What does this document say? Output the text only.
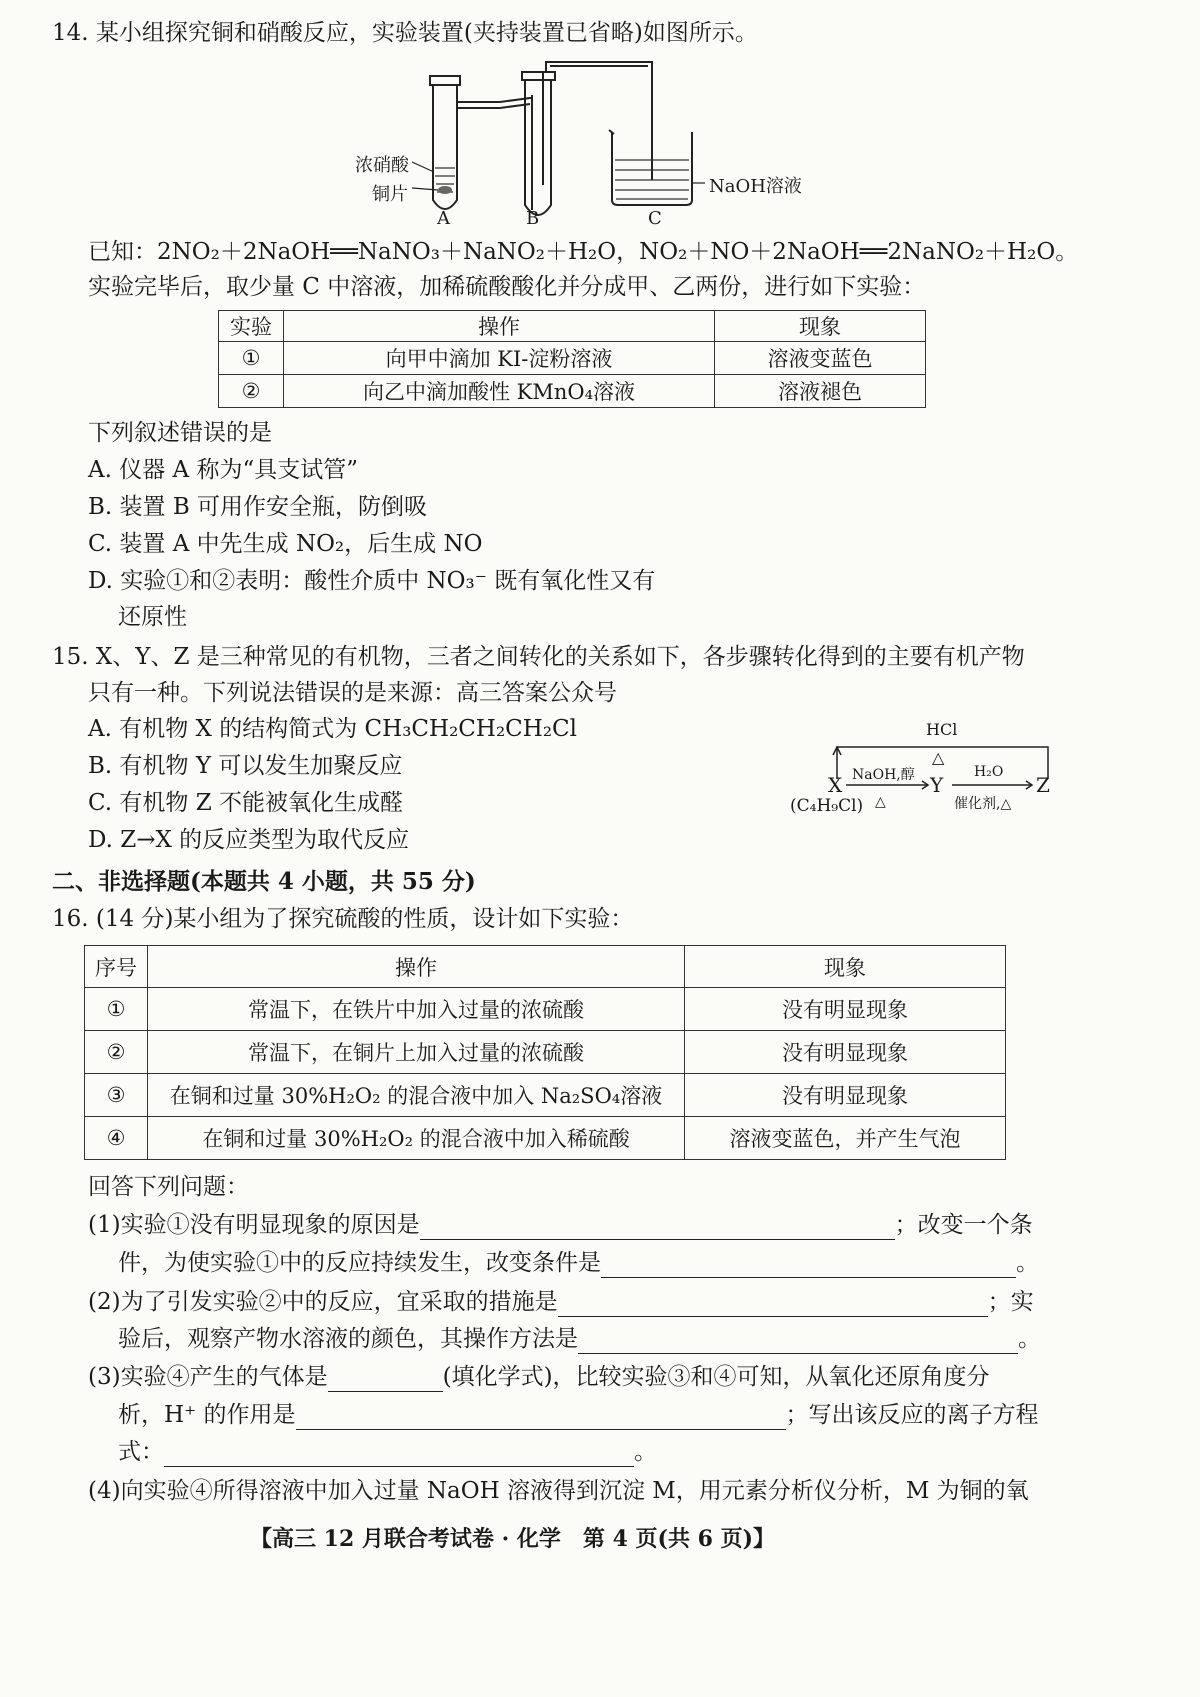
14. 某小组探究铜和硝酸反应，实验装置(夹持装置已省略)如图所示。
浓硝酸
铜片
A	B	C
NaOH溶液
已知：2NO₂＋2NaOH══NaNO₃＋NaNO₂＋H₂O，NO₂＋NO＋2NaOH══2NaNO₂＋H₂O。
实验完毕后，取少量 C 中溶液，加稀硫酸酸化并分成甲、乙两份，进行如下实验：
实验	操作	现象
①	向甲中滴加 KI-淀粉溶液	溶液变蓝色
②	向乙中滴加酸性 KMnO₄溶液	溶液褪色
下列叙述错误的是
A. 仪器 A 称为“具支试管”
B. 装置 B 可用作安全瓶，防倒吸
C. 装置 A 中先生成 NO₂，后生成 NO
D. 实验①和②表明：酸性介质中 NO₃⁻ 既有氧化性又有
还原性
15. X、Y、Z 是三种常见的有机物，三者之间转化的关系如下，各步骤转化得到的主要有机产物
只有一种。下列说法错误的是来源：高三答案公众号
A. 有机物 X 的结构简式为 CH₃CH₂CH₂CH₂Cl
B. 有机物 Y 可以发生加聚反应
C. 有机物 Z 不能被氧化生成醛
D. Z→X 的反应类型为取代反应
HCl
△
X	Y	Z
NaOH,醇
△
H₂O
催化剂,△
(C₄H₉Cl)
二、非选择题(本题共 4 小题，共 55 分)
16. (14 分)某小组为了探究硫酸的性质，设计如下实验：
序号	操作	现象
①	常温下，在铁片中加入过量的浓硫酸	没有明显现象
②	常温下，在铜片上加入过量的浓硫酸	没有明显现象
③	在铜和过量 30%H₂O₂ 的混合液中加入 Na₂SO₄溶液	没有明显现象
④	在铜和过量 30%H₂O₂ 的混合液中加入稀硫酸	溶液变蓝色，并产生气泡
回答下列问题：
(1)实验①没有明显现象的原因是	；改变一个条
件，为使实验①中的反应持续发生，改变条件是	。
(2)为了引发实验②中的反应，宜采取的措施是	；实
验后，观察产物水溶液的颜色，其操作方法是	。
(3)实验④产生的气体是	(填化学式)，比较实验③和④可知，从氧化还原角度分
析，H⁺ 的作用是	；写出该反应的离子方程
式：	。
(4)向实验④所得溶液中加入过量 NaOH 溶液得到沉淀 M，用元素分析仪分析，M 为铜的氧
【高三 12 月联合考试卷 · 化学　第 4 页(共 6 页)】
